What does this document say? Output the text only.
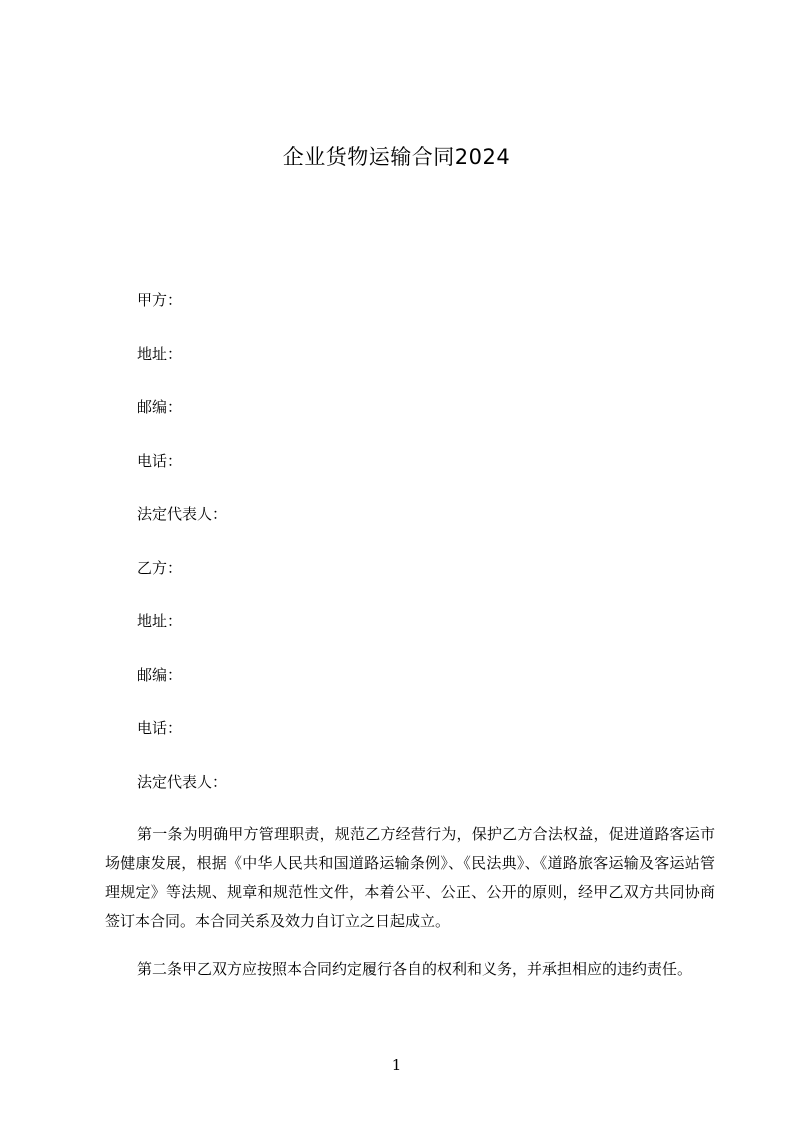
企业货物运输合同2024
甲方：
地址：
邮编：
电话：
法定代表人：
乙方：
地址：
邮编：
电话：
法定代表人：

第一条为明确甲方管理职责，规范乙方经营行为，保护乙方合法权益，促进道路客运市场健康发展，根据《中华人民共和国道路运输条例》、《民法典》、《道路旅客运输及客运站管理规定》等法规、规章和规范性文件，本着公平、公正、公开的原则，经甲乙双方共同协商签订本合同。本合同关系及效力自订立之日起成立。

第二条甲乙双方应按照本合同约定履行各自的权利和义务，并承担相应的违约责任。

1
